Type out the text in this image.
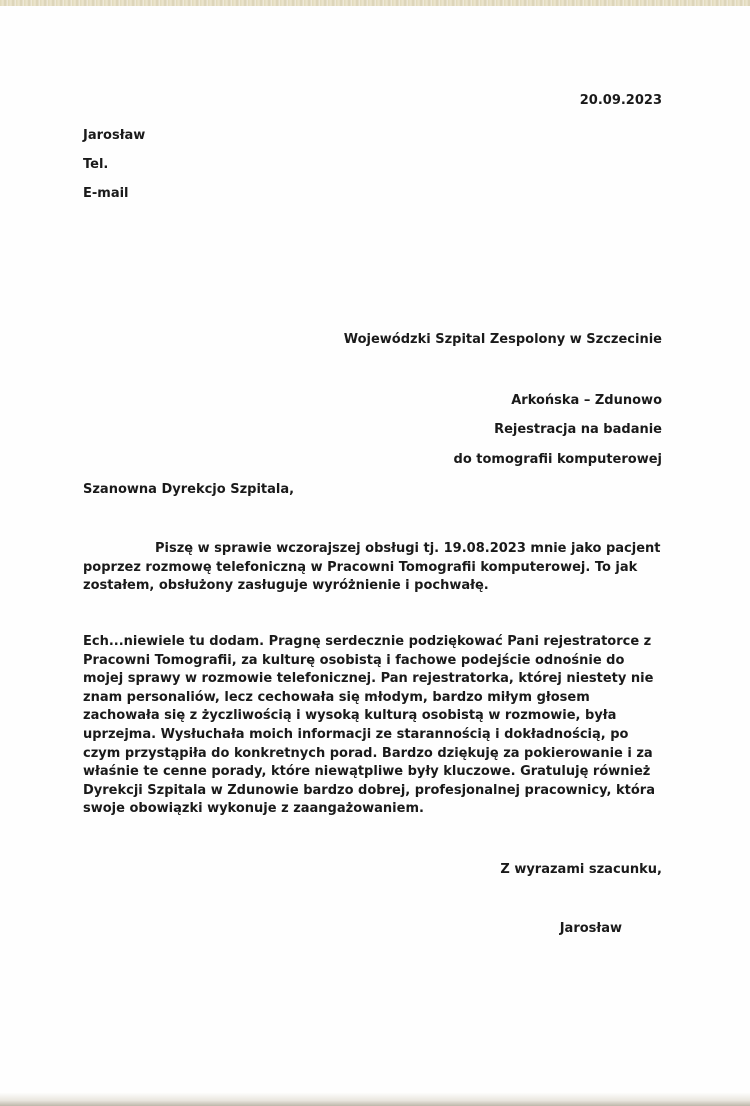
20.09.2023
Jarosław
Tel.
E-mail
Wojewódzki Szpital Zespolony w Szczecinie
Arkońska – Zdunowo
Rejestracja na badanie
do tomografii komputerowej
Szanowna Dyrekcjo Szpitala,
Piszę w sprawie wczorajszej obsługi tj. 19.08.2023 mnie jako pacjent poprzez rozmowę telefoniczną w Pracowni Tomografii komputerowej. To jak zostałem, obsłużony zasługuje wyróżnienie i pochwałę.
Ech...niewiele tu dodam. Pragnę serdecznie podziękować Pani rejestratorce z Pracowni Tomografii, za kulturę osobistą i fachowe podejście odnośnie do mojej sprawy w rozmowie telefonicznej. Pan rejestratorka, której niestety nie znam personaliów, lecz cechowała się młodym, bardzo miłym głosem zachowała się z życzliwością i wysoką kulturą osobistą w rozmowie, była uprzejma. Wysłuchała moich informacji ze starannością i dokładnością, po czym przystąpiła do konkretnych porad. Bardzo dziękuję za pokierowanie i za właśnie te cenne porady, które niewątpliwe były kluczowe. Gratuluję również Dyrekcji Szpitala w Zdunowie bardzo dobrej, profesjonalnej pracownicy, która swoje obowiązki wykonuje z zaangażowaniem.
Z wyrazami szacunku,
Jarosław
